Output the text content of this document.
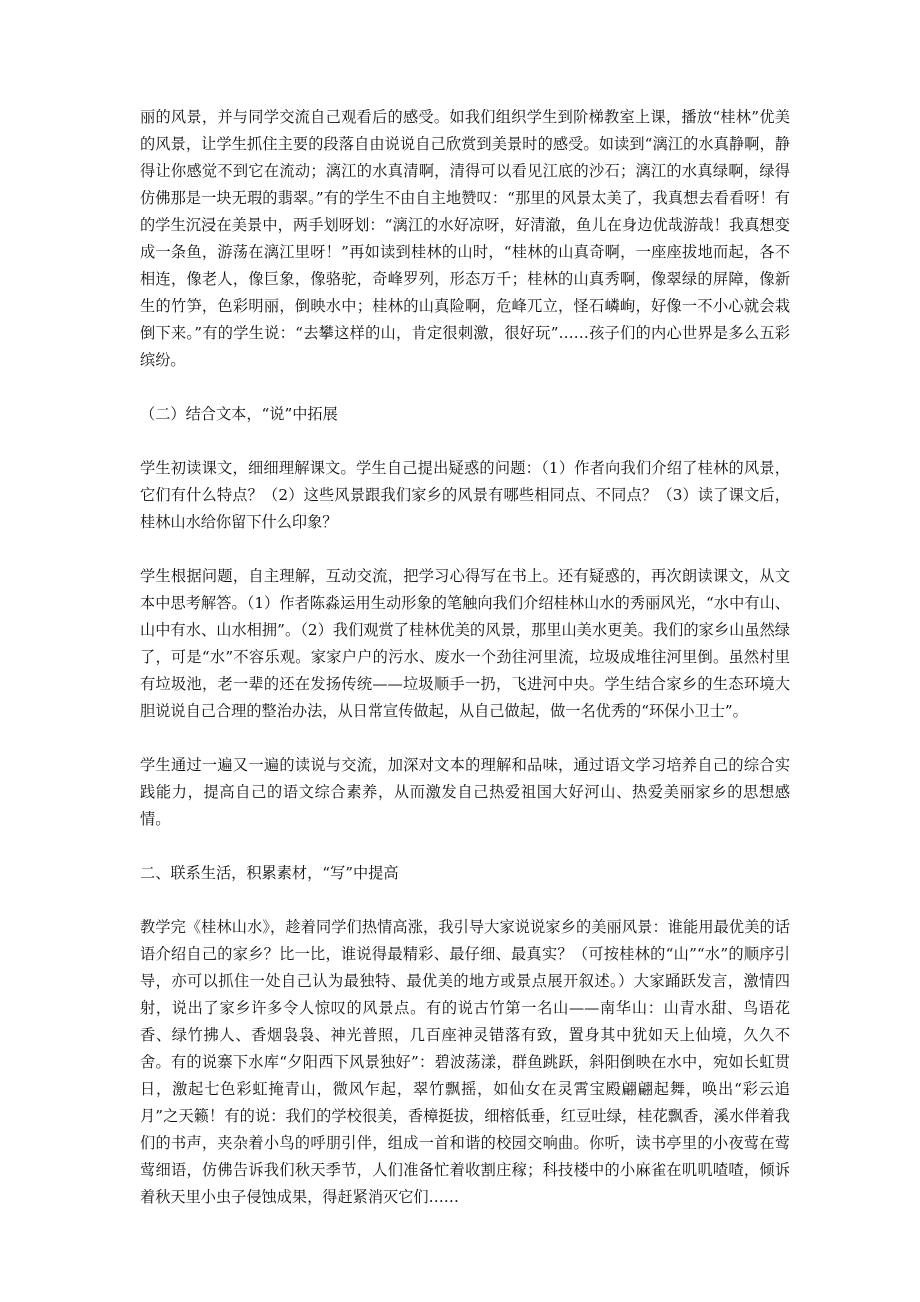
丽的风景，并与同学交流自己观看后的感受。如我们组织学生到阶梯教室上课，播放“桂林”优美的风景，让学生抓住主要的段落自由说说自己欣赏到美景时的感受。如读到“漓江的水真静啊，静得让你感觉不到它在流动；漓江的水真清啊，清得可以看见江底的沙石；漓江的水真绿啊，绿得仿佛那是一块无瑕的翡翠。”有的学生不由自主地赞叹：“那里的风景太美了，我真想去看看呀！有的学生沉浸在美景中，两手划呀划：“漓江的水好凉呀，好清澈，鱼儿在身边优哉游哉！我真想变成一条鱼，游荡在漓江里呀！”再如读到桂林的山时，“桂林的山真奇啊，一座座拔地而起，各不相连，像老人，像巨象，像骆驼，奇峰罗列，形态万千；桂林的山真秀啊，像翠绿的屏障，像新生的竹笋，色彩明丽，倒映水中；桂林的山真险啊，危峰兀立，怪石嶙峋，好像一不小心就会栽倒下来。”有的学生说：“去攀这样的山，肯定很刺激，很好玩”……孩子们的内心世界是多么五彩缤纷。

（二）结合文本，“说”中拓展

学生初读课文，细细理解课文。学生自己提出疑惑的问题：（1）作者向我们介绍了桂林的风景，它们有什么特点？（2）这些风景跟我们家乡的风景有哪些相同点、不同点？（3）读了课文后，桂林山水给你留下什么印象？

学生根据问题，自主理解，互动交流，把学习心得写在书上。还有疑惑的，再次朗读课文，从文本中思考解答。（1）作者陈淼运用生动形象的笔触向我们介绍桂林山水的秀丽风光，“水中有山、山中有水、山水相拥”。（2）我们观赏了桂林优美的风景，那里山美水更美。我们的家乡山虽然绿了，可是“水”不容乐观。家家户户的污水、废水一个劲往河里流，垃圾成堆往河里倒。虽然村里有垃圾池，老一辈的还在发扬传统——垃圾顺手一扔，飞进河中央。学生结合家乡的生态环境大胆说说自己合理的整治办法，从日常宣传做起，从自己做起，做一名优秀的“环保小卫士”。

学生通过一遍又一遍的读说与交流，加深对文本的理解和品味，通过语文学习培养自己的综合实践能力，提高自己的语文综合素养，从而激发自己热爱祖国大好河山、热爱美丽家乡的思想感情。

二、联系生活，积累素材，“写”中提高

教学完《桂林山水》，趁着同学们热情高涨，我引导大家说说家乡的美丽风景：谁能用最优美的话语介绍自己的家乡？比一比，谁说得最精彩、最仔细、最真实？（可按桂林的“山”“水”的顺序引导，亦可以抓住一处自己认为最独特、最优美的地方或景点展开叙述。）大家踊跃发言，激情四射，说出了家乡许多令人惊叹的风景点。有的说古竹第一名山——南华山：山青水甜、鸟语花香、绿竹拂人、香烟袅袅、神光普照，几百座神灵错落有致，置身其中犹如天上仙境，久久不舍。有的说寨下水库“夕阳西下风景独好”：碧波荡漾，群鱼跳跃，斜阳倒映在水中，宛如长虹贯日，激起七色彩虹掩青山，微风乍起，翠竹飘摇，如仙女在灵霄宝殿翩翩起舞，唤出“彩云追月”之天籁！有的说：我们的学校很美，香樟挺拔，细榕低垂，红豆吐绿，桂花飘香，溪水伴着我们的书声，夹杂着小鸟的呼朋引伴，组成一首和谐的校园交响曲。你听，读书亭里的小夜莺在莺莺细语，仿佛告诉我们秋天季节，人们准备忙着收割庄稼；科技楼中的小麻雀在叽叽喳喳，倾诉着秋天里小虫子侵蚀成果，得赶紧消灭它们……
